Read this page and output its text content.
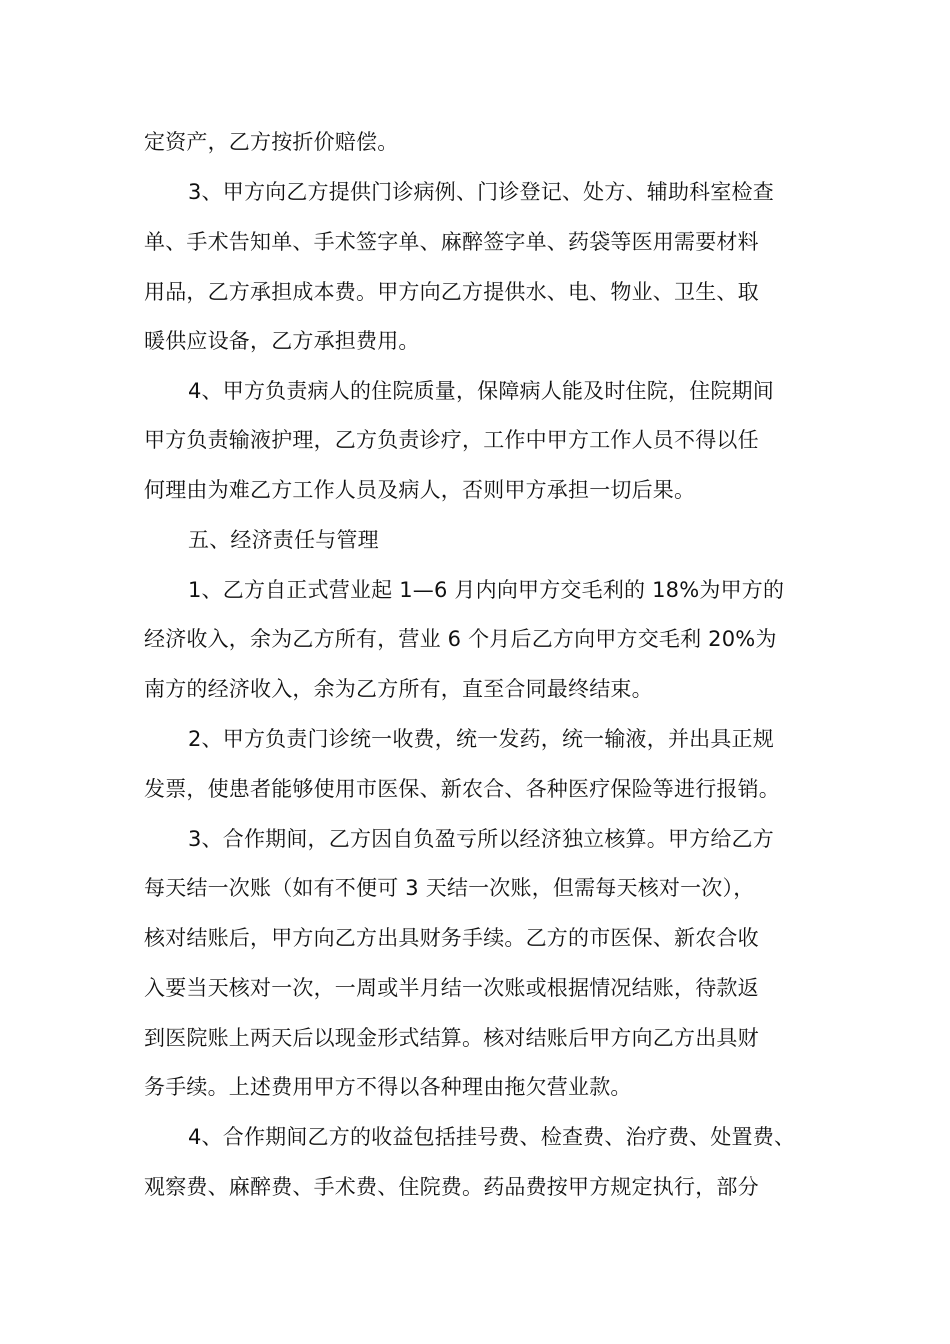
定资产，乙方按折价赔偿。
3、甲方向乙方提供门诊病例、门诊登记、处方、辅助科室检查
单、手术告知单、手术签字单、麻醉签字单、药袋等医用需要材料
用品，乙方承担成本费。甲方向乙方提供水、电、物业、卫生、取
暖供应设备，乙方承担费用。
4、甲方负责病人的住院质量，保障病人能及时住院，住院期间
甲方负责输液护理，乙方负责诊疗，工作中甲方工作人员不得以任
何理由为难乙方工作人员及病人，否则甲方承担一切后果。
五、经济责任与管理
1、乙方自正式营业起 1—6 月内向甲方交毛利的 18%为甲方的
经济收入，余为乙方所有，营业 6 个月后乙方向甲方交毛利 20%为
南方的经济收入，余为乙方所有，直至合同最终结束。
2、甲方负责门诊统一收费，统一发药，统一输液，并出具正规
发票，使患者能够使用市医保、新农合、各种医疗保险等进行报销。
3、合作期间，乙方因自负盈亏所以经济独立核算。甲方给乙方
每天结一次账（如有不便可 3 天结一次账，但需每天核对一次），
核对结账后，甲方向乙方出具财务手续。乙方的市医保、新农合收
入要当天核对一次，一周或半月结一次账或根据情况结账，待款返
到医院账上两天后以现金形式结算。核对结账后甲方向乙方出具财
务手续。上述费用甲方不得以各种理由拖欠营业款。
4、合作期间乙方的收益包括挂号费、检查费、治疗费、处置费、
观察费、麻醉费、手术费、住院费。药品费按甲方规定执行，部分
